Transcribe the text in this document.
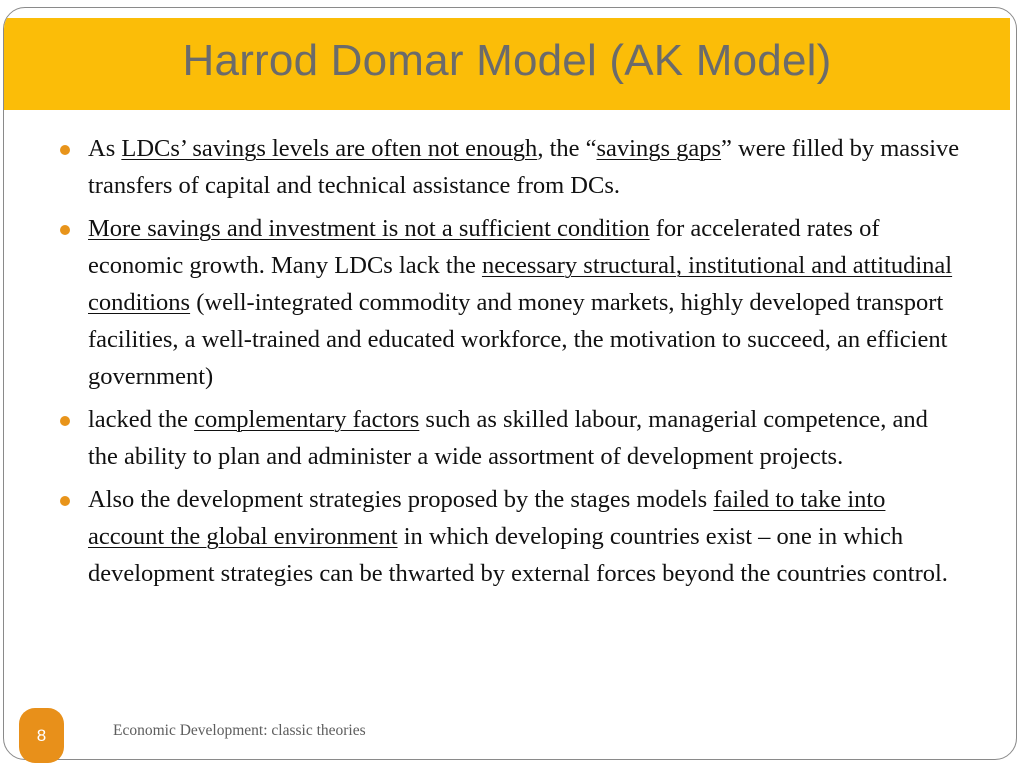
Harrod Domar Model (AK Model)
As LDCs’ savings levels are often not enough, the “savings gaps” were filled by massive transfers of capital and technical assistance from DCs.
More savings and investment is not a sufficient condition for accelerated rates of economic growth. Many LDCs lack the necessary structural, institutional and attitudinal conditions (well-integrated commodity and money markets, highly developed transport facilities, a well-trained and educated workforce, the motivation to succeed, an efficient government)
lacked the complementary factors such as skilled labour, managerial competence, and the ability to plan and administer a wide assortment of development projects.
Also the development strategies proposed by the stages models failed to take into account the global environment in which developing countries exist – one in which development strategies can be thwarted by external forces beyond the countries control.
8	Economic Development: classic theories
